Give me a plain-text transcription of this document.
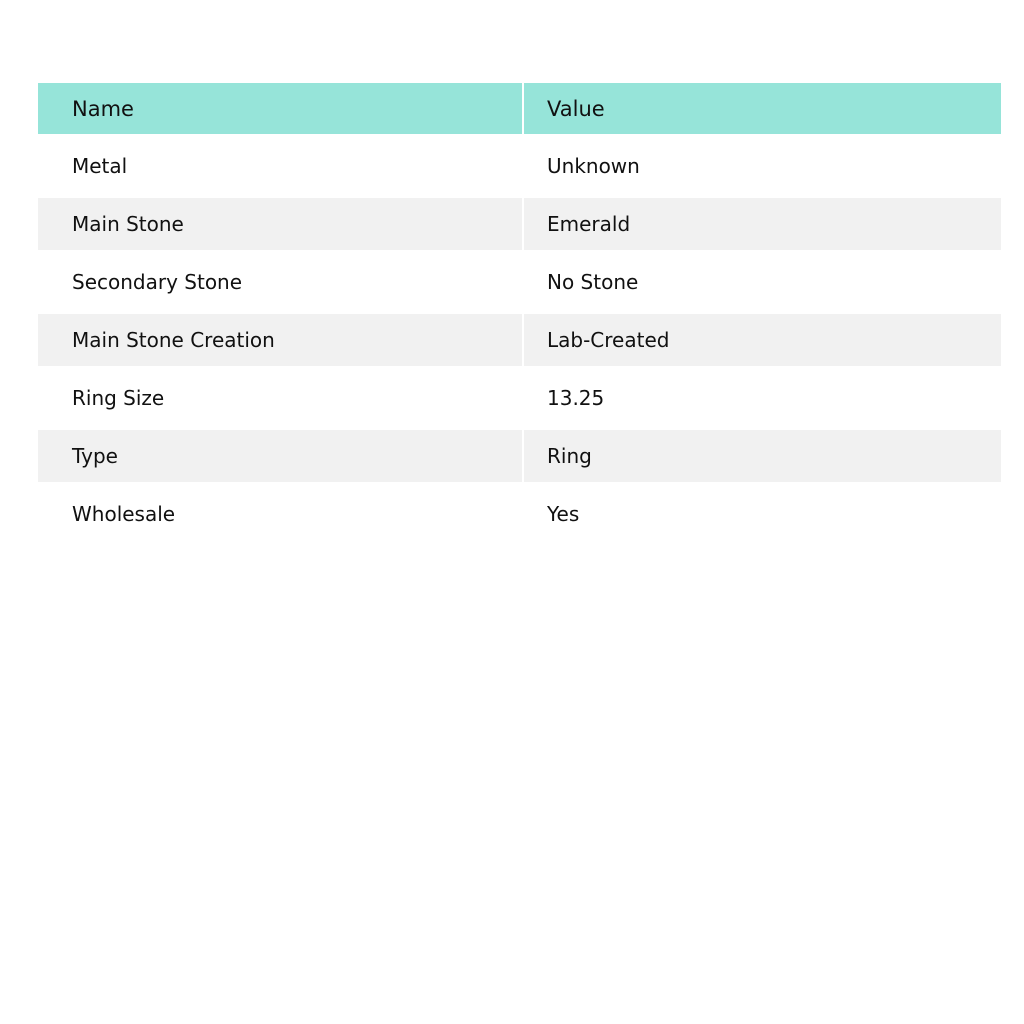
Name	Value
Metal	Unknown
Main Stone	Emerald
Secondary Stone	No Stone
Main Stone Creation	Lab-Created
Ring Size	13.25
Type	Ring
Wholesale	Yes
